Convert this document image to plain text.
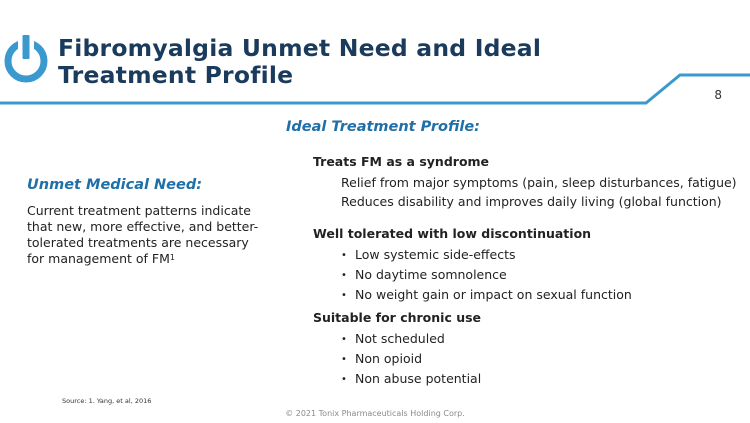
Fibromyalgia Unmet Need and Ideal Treatment Profile
8
Ideal Treatment Profile:
Unmet Medical Need:
Current treatment patterns indicate that new, more effective, and better-tolerated treatments are necessary for management of $FM^1$
Treats FM as a syndrome
Relief from major symptoms (pain, sleep disturbances, fatigue)
Reduces disability and improves daily living (global function)
Well tolerated with low discontinuation
• Low systemic side-effects
• No daytime somnolence
• No weight gain or impact on sexual function
Suitable for chronic use
• Not scheduled
• Non opioid
• Non abuse potential
Source: 1. Yang, et al, 2016
© 2021 Tonix Pharmaceuticals Holding Corp.
